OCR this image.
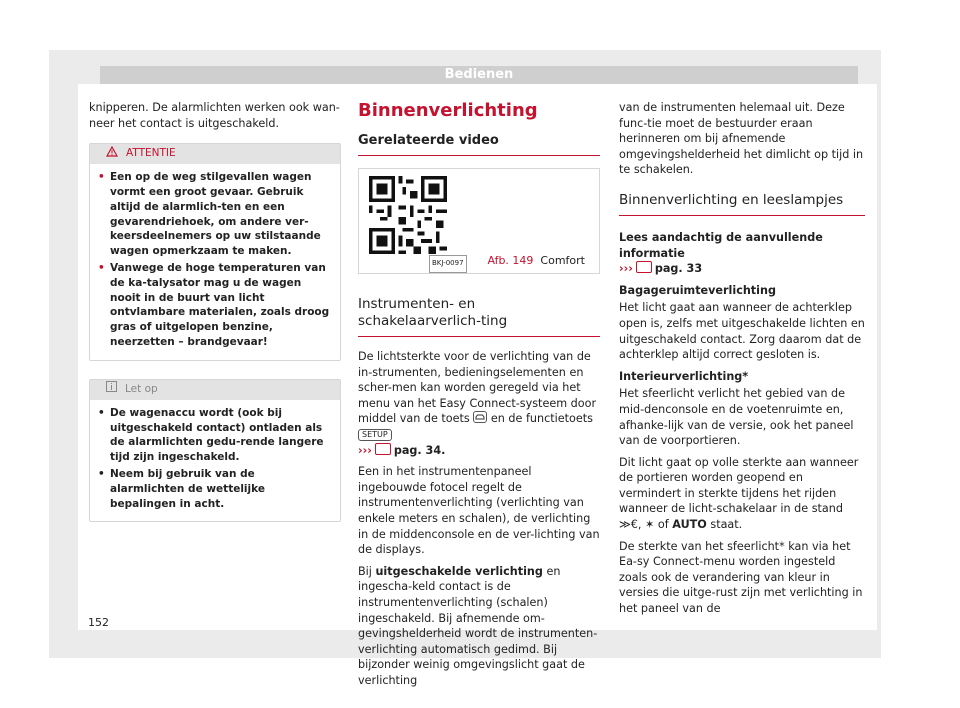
Bedienen

knipperen. De alarmlichten werken ook wan-neer het contact is uitgeschakeld.

ATTENTIE
• Een op de weg stilgevallen wagen vormt een groot gevaar. Gebruik altijd de alarmlich-ten en een gevarendriehoek, om andere ver-keersdeelnemers op uw stilstaande wagen opmerkzaam te maken.
• Vanwege de hoge temperaturen van de ka-talysator mag u de wagen nooit in de buurt van licht ontvlambare materialen, zoals droog gras of uitgelopen benzine, neerzetten – brandgevaar!
Let op
• De wagenaccu wordt (ook bij uitgeschakeld contact) ontladen als de alarmlichten gedu-rende langere tijd zijn ingeschakeld.
• Neem bij gebruik van de alarmlichten de wettelijke bepalingen in acht.
Binnenverlichting
Gerelateerde video
BKJ-0097 Afb. 149 Comfort
Instrumenten- en schakelaarverlich-ting

De lichtsterkte voor de verlichting van de in-strumenten, bedieningselementen en scher-men kan worden geregeld via het menu van het Easy Connect-systeem door middel van de toets en de functietoets SETUP
››› pag. 34.

Een in het instrumentenpaneel ingebouwde fotocel regelt de instrumentenverlichting (verlichting van enkele meters en schalen), de verlichting in de middenconsole en de ver-lichting van de displays.

Bij uitgeschakelde verlichting en ingescha-keld contact is de instrumentenverlichting (schalen) ingeschakeld. Bij afnemende om-gevingshelderheid wordt de instrumenten-verlichting automatisch gedimd. Bij bijzonder weinig omgevingslicht gaat de verlichting

van de instrumenten helemaal uit. Deze func-tie moet de bestuurder eraan herinneren om bij afnemende omgevingshelderheid het dimlicht op tijd in te schakelen.

Binnenverlichting en leeslampjes

Lees aandachtig de aanvullende informatie
››› pag. 33

Bagageruimteverlichting

Het licht gaat aan wanneer de achterklep open is, zelfs met uitgeschakelde lichten en uitgeschakeld contact. Zorg daarom dat de achterklep altijd correct gesloten is.

Interieurverlichting*

Het sfeerlicht verlicht het gebied van de mid-denconsole en de voetenruimte en, afhanke-lijk van de versie, ook het paneel van de voorportieren.

Dit licht gaat op volle sterkte aan wanneer de portieren worden geopend en vermindert in sterkte tijdens het rijden wanneer de licht-schakelaar in de stand ≫€, ✶ of AUTO staat.

De sterkte van het sfeerlicht* kan via het Ea-sy Connect-menu worden ingesteld zoals ook de verandering van kleur in versies die uitge-rust zijn met verlichting in het paneel van de

152
